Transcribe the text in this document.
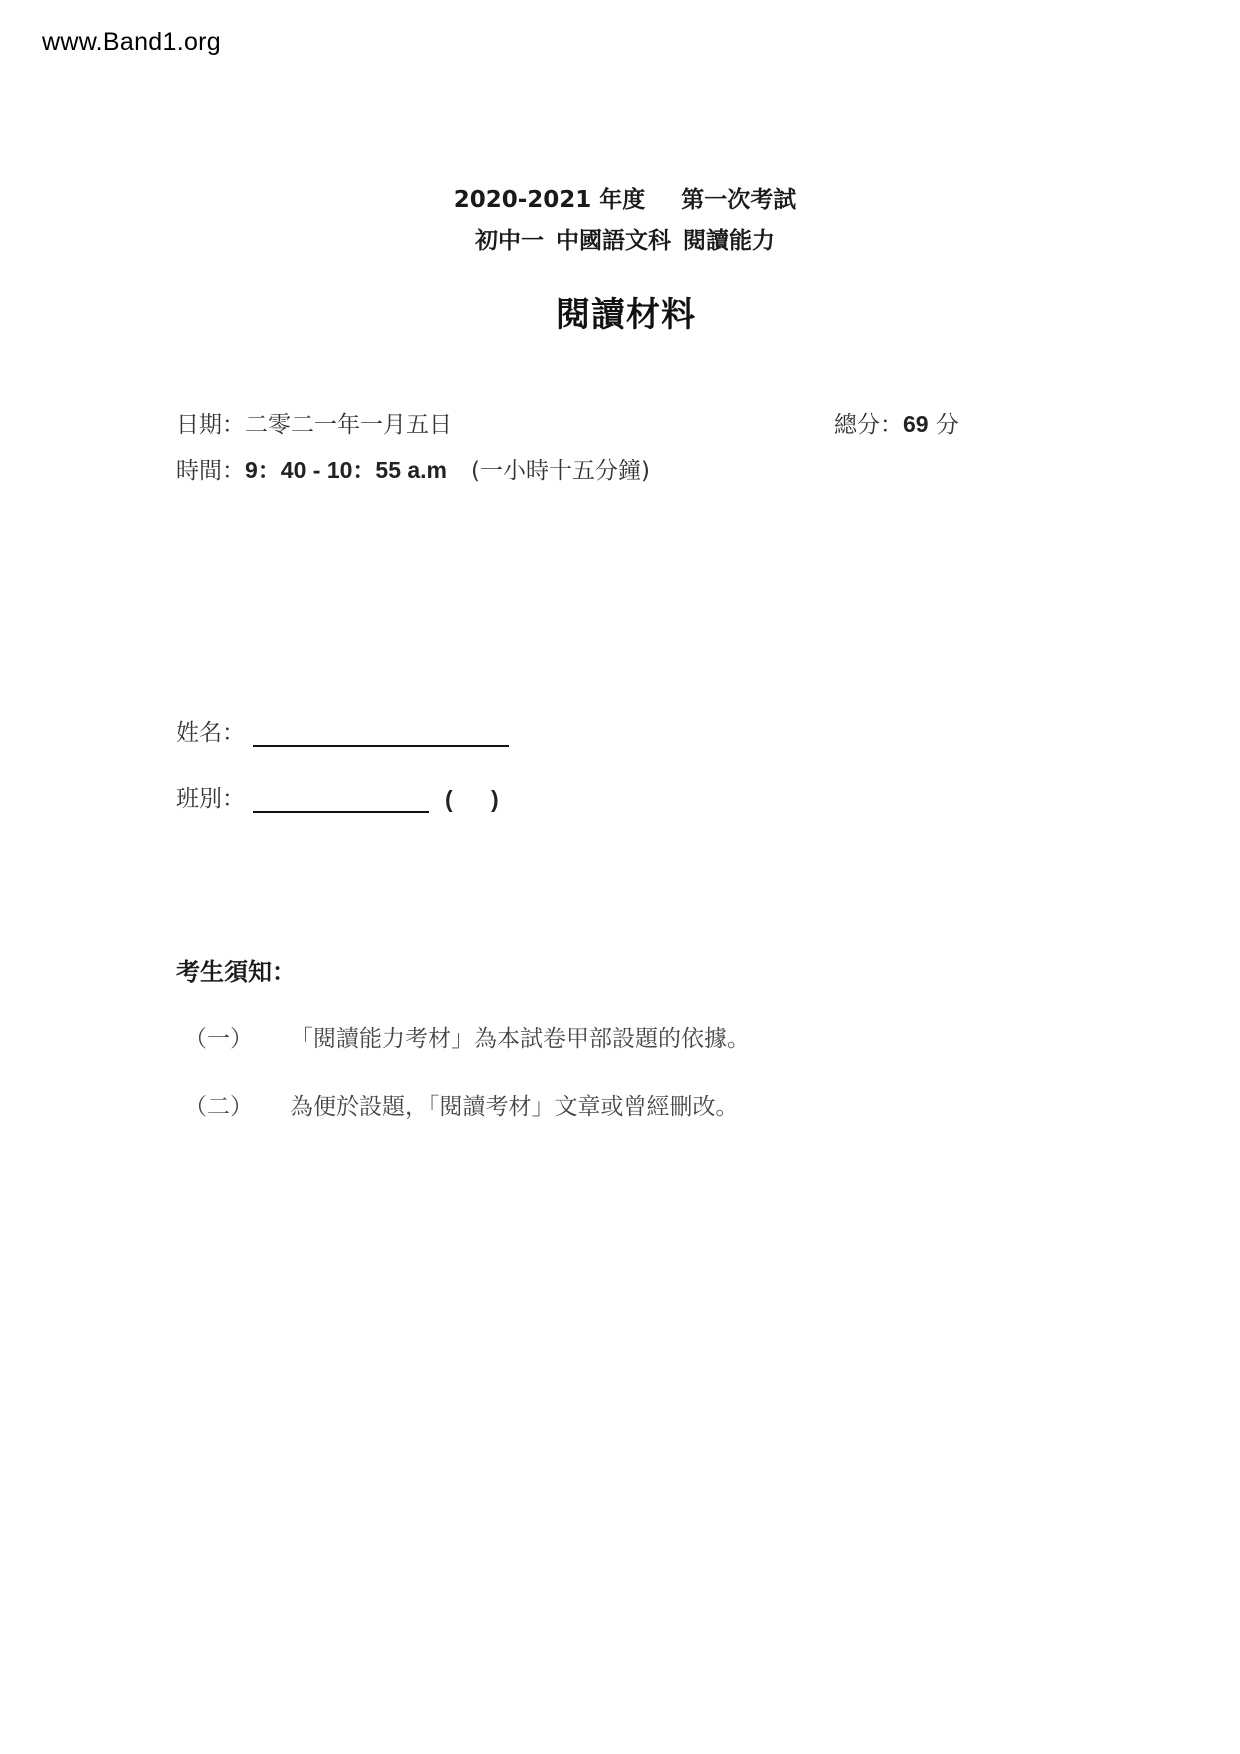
www.Band1.org
2020-2021 年度 第一次考試
初中一 中國語文科 閱讀能力
閱讀材料
日期：二零二一年一月五日	總分：69 分
時間：9：40 - 10：55 a.m (一小時十五分鐘)
姓名：
班別：	(      )
考生須知：
（一）	「閱讀能力考材」為本試卷甲部設題的依據。
（二）	為便於設題，「閱讀考材」文章或曾經刪改。
